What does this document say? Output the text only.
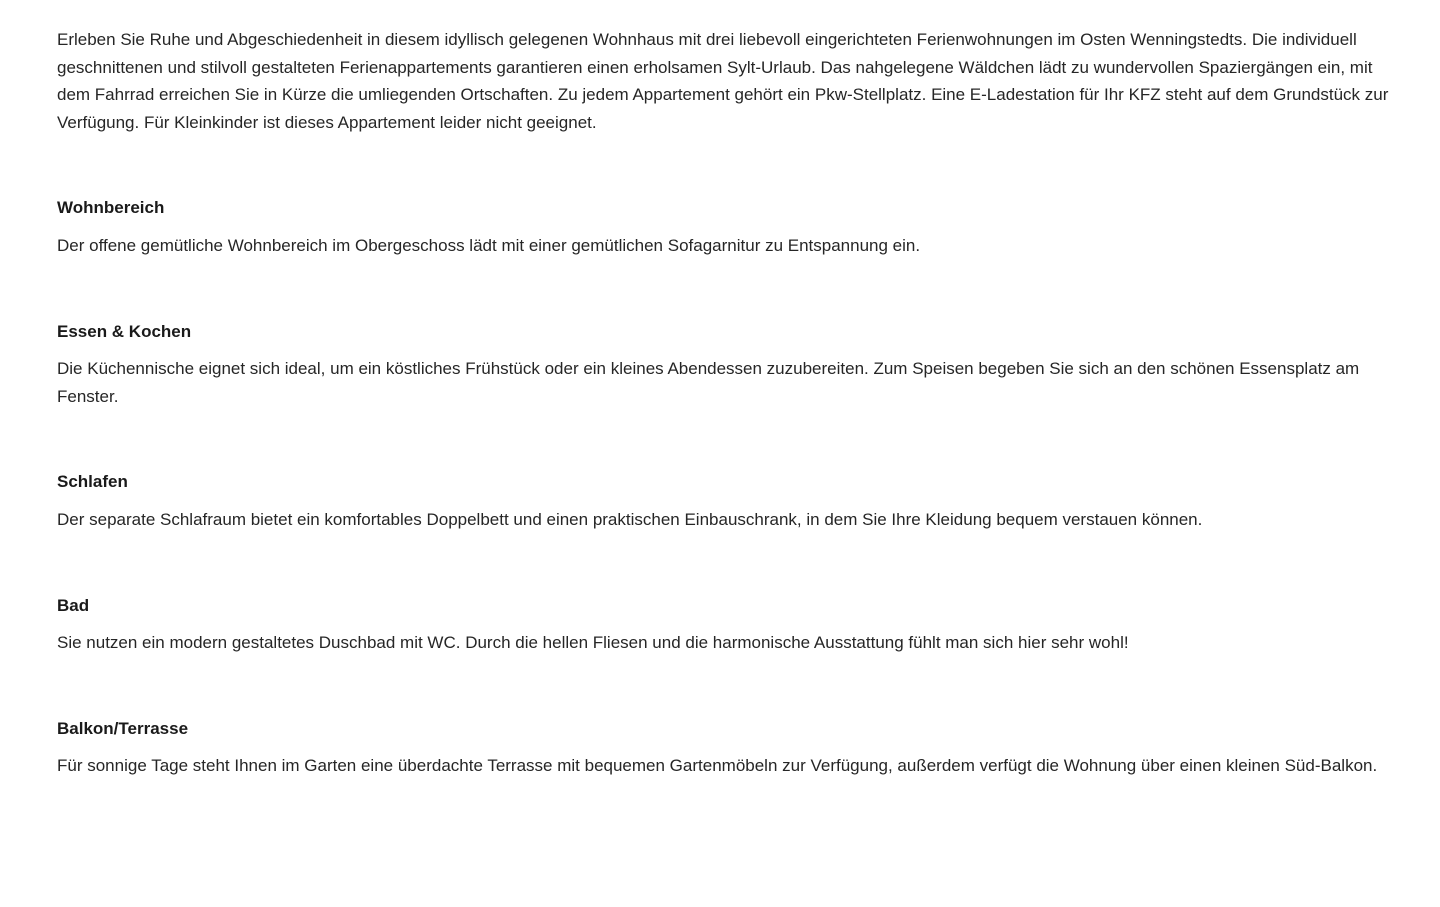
Erleben Sie Ruhe und Abgeschiedenheit in diesem idyllisch gelegenen Wohnhaus mit drei liebevoll eingerichteten Ferienwohnungen im Osten Wenningstedts. Die individuell geschnittenen und stilvoll gestalteten Ferienappartements garantieren einen erholsamen Sylt-Urlaub. Das nahgelegene Wäldchen lädt zu wundervollen Spaziergängen ein, mit dem Fahrrad erreichen Sie in Kürze die umliegenden Ortschaften. Zu jedem Appartement gehört ein Pkw-Stellplatz. Eine E-Ladestation für Ihr KFZ steht auf dem Grundstück zur Verfügung. Für Kleinkinder ist dieses Appartement leider nicht geeignet.

Wohnbereich

Der offene gemütliche Wohnbereich im Obergeschoss lädt mit einer gemütlichen Sofagarnitur zu Entspannung ein.

Essen & Kochen

Die Küchennische eignet sich ideal, um ein köstliches Frühstück oder ein kleines Abendessen zuzubereiten. Zum Speisen begeben Sie sich an den schönen Essensplatz am Fenster.

Schlafen

Der separate Schlafraum bietet ein komfortables Doppelbett und einen praktischen Einbauschrank, in dem Sie Ihre Kleidung bequem verstauen können.

Bad

Sie nutzen ein modern gestaltetes Duschbad mit WC. Durch die hellen Fliesen und die harmonische Ausstattung fühlt man sich hier sehr wohl!

Balkon/Terrasse

Für sonnige Tage steht Ihnen im Garten eine überdachte Terrasse mit bequemen Gartenmöbeln zur Verfügung, außerdem verfügt die Wohnung über einen kleinen Süd-Balkon.
